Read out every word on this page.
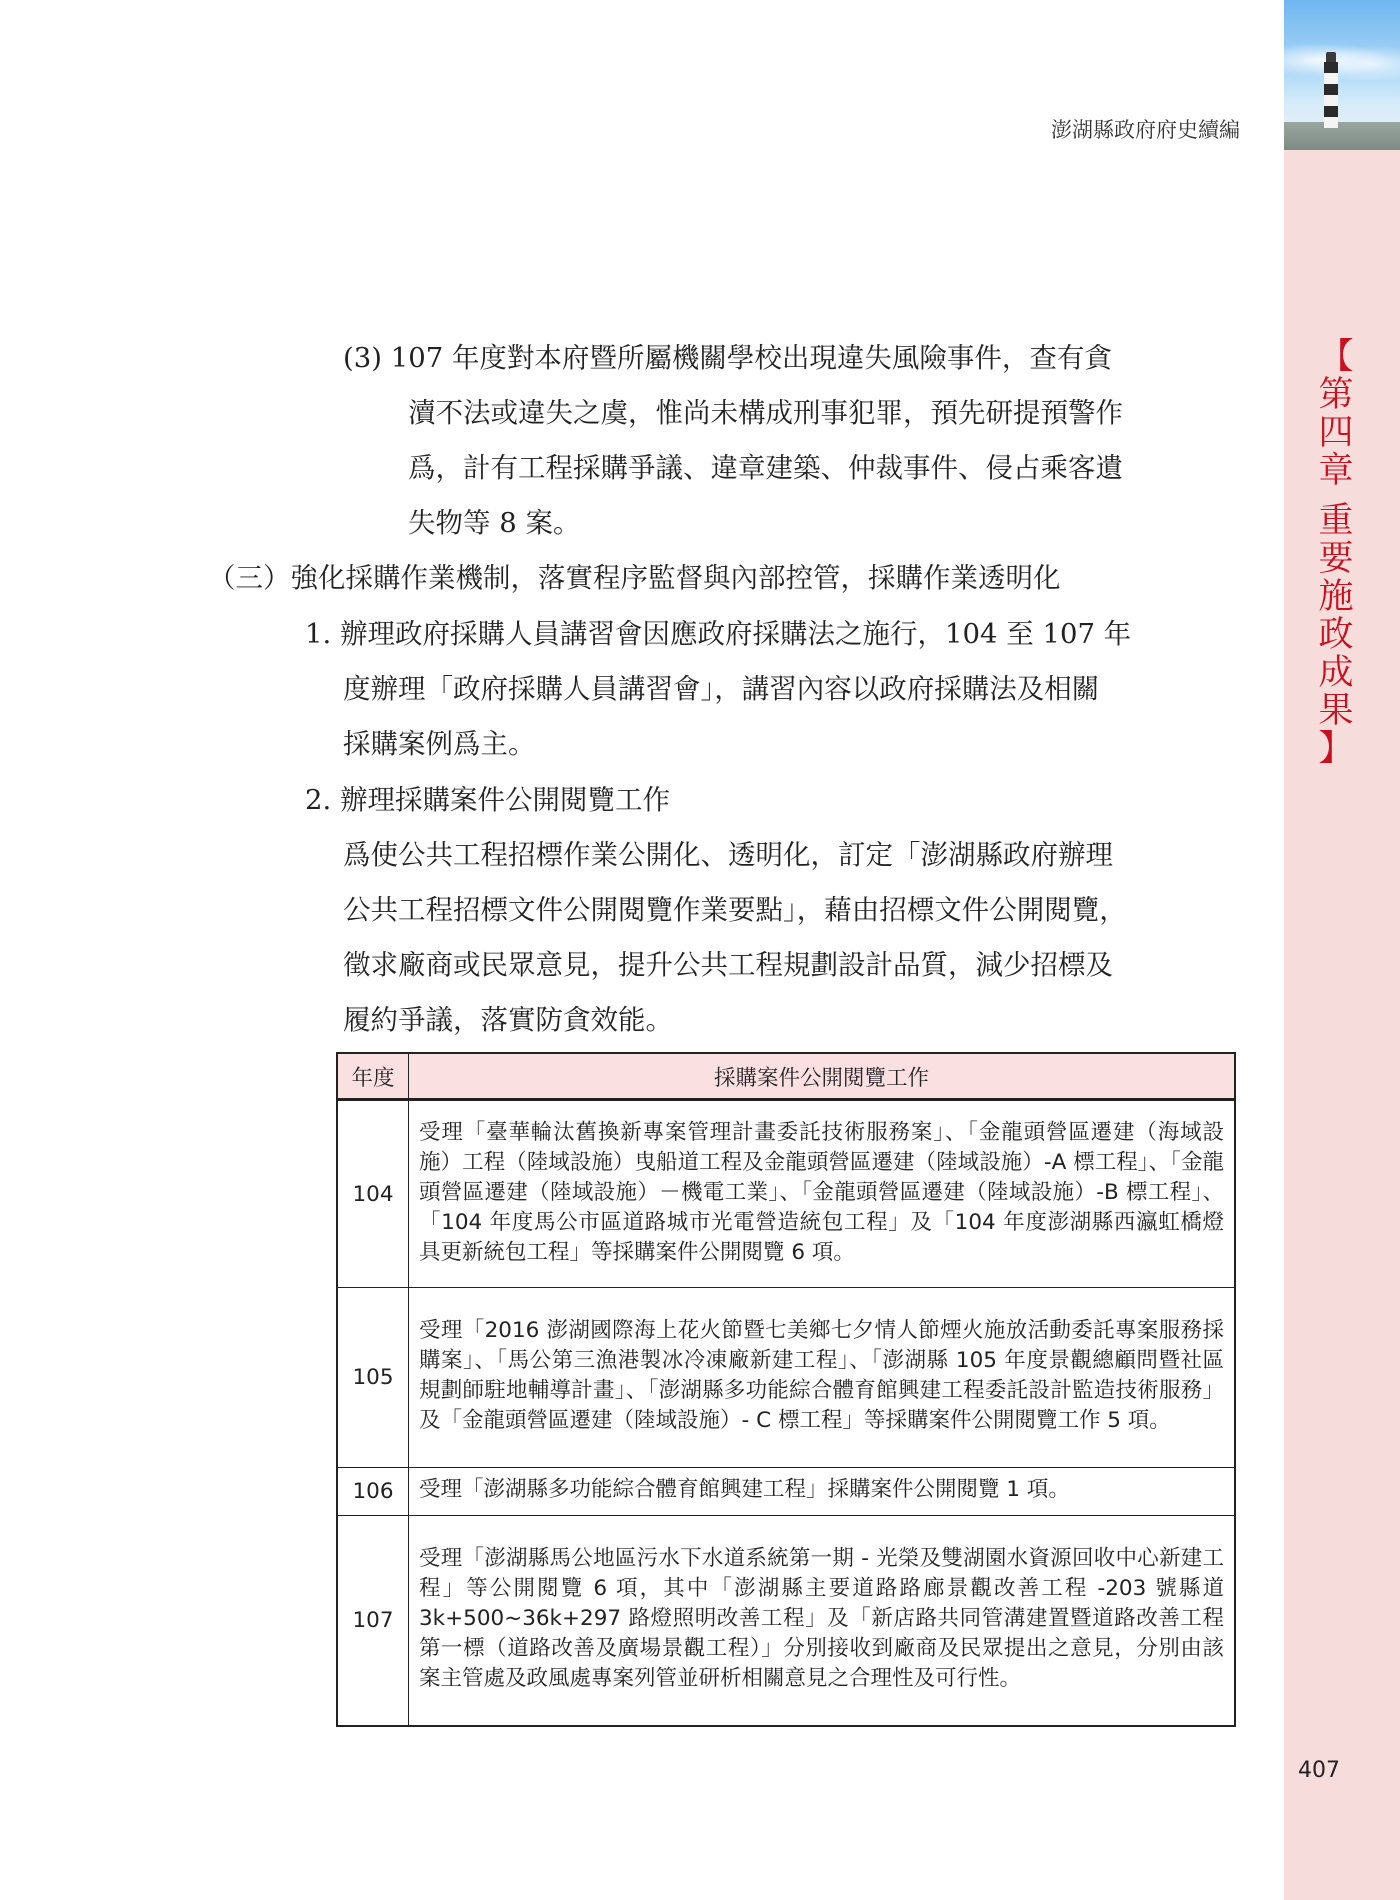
【
第
四
章
重
要
施
政
成
果
】
澎湖縣政府府史續編
(3) 107 年度對本府暨所屬機關學校出現違失風險事件，查有貪
瀆不法或違失之虞，惟尚未構成刑事犯罪，預先研提預警作
爲，計有工程採購爭議、違章建築、仲裁事件、侵占乘客遺
失物等 8 案。
（三）強化採購作業機制，落實程序監督與內部控管，採購作業透明化
1. 辦理政府採購人員講習會因應政府採購法之施行，104 至 107 年
度辦理「政府採購人員講習會」，講習內容以政府採購法及相關
採購案例爲主。
2. 辦理採購案件公開閱覽工作
爲使公共工程招標作業公開化、透明化，訂定「澎湖縣政府辦理
公共工程招標文件公開閱覽作業要點」，藉由招標文件公開閱覽，
徵求廠商或民眾意見，提升公共工程規劃設計品質，減少招標及
履約爭議，落實防貪效能。
年度	採購案件公開閱覽工作
104	受理「臺華輪汰舊換新專案管理計畫委託技術服務案」、「金龍頭營區遷建（海域設施）工程（陸域設施）曳船道工程及金龍頭營區遷建（陸域設施）-A 標工程」、「金龍頭營區遷建（陸域設施）－機電工業」、「金龍頭營區遷建（陸域設施）-B 標工程」、「104 年度馬公市區道路城市光電營造統包工程」及「104 年度澎湖縣西瀛虹橋燈具更新統包工程」等採購案件公開閱覽 6 項。
105	受理「2016 澎湖國際海上花火節暨七美鄉七夕情人節煙火施放活動委託專案服務採購案」、「馬公第三漁港製冰冷凍廠新建工程」、「澎湖縣 105 年度景觀總顧問暨社區規劃師駐地輔導計畫」、「澎湖縣多功能綜合體育館興建工程委託設計監造技術服務」及「金龍頭營區遷建（陸域設施）- C 標工程」等採購案件公開閱覽工作 5 項。
106	受理「澎湖縣多功能綜合體育館興建工程」採購案件公開閱覽 1 項。
107	受理「澎湖縣馬公地區污水下水道系統第一期 - 光榮及雙湖園水資源回收中心新建工程」等公開閱覽 6 項，其中「澎湖縣主要道路路廊景觀改善工程 -203 號縣道 3k+500~36k+297 路燈照明改善工程」及「新店路共同管溝建置暨道路改善工程第一標（道路改善及廣場景觀工程）」分別接收到廠商及民眾提出之意見，分別由該案主管處及政風處專案列管並研析相關意見之合理性及可行性。
407
